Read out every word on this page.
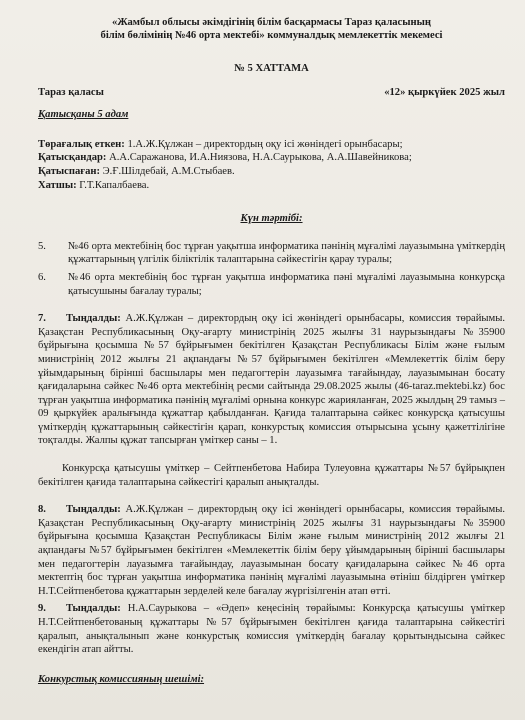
«Жамбыл облысы әкімдігінің білім басқармасы Тараз қаласының
білім бөлімінің №46 орта мектебі» коммуналдық мемлекеттік мекемесі
№ 5 ХАТТАМА
Тараз қаласы	«12» қыркүйек 2025 жыл
Қатысқаны 5 адам
Төрағалық еткен: 1.А.Ж.Құлжан – директордың оқу ісі жөніндегі орынбасары;
Қатысқандар: А.А.Саражанова, И.А.Ниязова, Н.А.Саурыкова, А.А.Шавейникова;
Қатыспаған: Э.Ғ.Шілдебай, А.М.Стыбаев.
Хатшы: Г.Т.Капалбаева.
Күн тәртібі:
5.	№46 орта мектебінің бос тұрған уақытша информатика пәнінің мұғалімі лауазымына үміткердің құжаттарының үлгілік біліктілік талаптарына сәйкестігін қарау туралы;
6.	№46 орта мектебінің бос тұрған уақытша информатика пәні мұғалімі лауазымына конкурсқа қатысушыны бағалау туралы;
7. Тыңдалды: А.Ж.Құлжан – директордың оқу ісі жөніндегі орынбасары, комиссия төрайымы. Қазақстан Республикасының Оқу-ағарту министрінің 2025 жылғы 31 наурызындағы №35900 бұйрығына қосымша №57 бұйрығымен бекітілген Қазақстан Республикасы Білім және ғылым министрінің 2012 жылғы 21 ақпандағы №57 бұйрығымен бекітілген «Мемлекеттік білім беру ұйымдарының бірінші басшылары мен педагогтерін лауазымға тағайындау, лауазымынан босату қағидаларына сәйкес №46 орта мектебінің ресми сайтында 29.08.2025 жылы (46-taraz.mektebi.kz) бос тұрған уақытша информатика пәнінің мұғалімі орнына конкурс жарияланған, 2025 жылдың 29 тамыз – 09 қыркүйек аралығында құжаттар қабылданған. Қағида талаптарына сәйкес конкурсқа қатысушы үміткердің құжаттарының сәйкестігін қарап, конкурстық комиссия отырысына ұсыну қажеттілігіне тоқталды. Жалпы құжат тапсырған үміткер саны – 1.
Конкурсқа қатысушы үміткер – Сейтпенбетова Набира Тулеуовна құжаттары №57 бұйрықпен бекітілген қағида талаптарына сәйкестігі қаралып анықталды.
8. Тыңдалды: А.Ж.Құлжан – директордың оқу ісі жөніндегі орынбасары, комиссия төрайымы. Қазақстан Республикасының Оқу-ағарту министрінің 2025 жылғы 31 наурызындағы №35900 бұйрығына қосымша Қазақстан Республикасы Білім және ғылым министрінің 2012 жылғы 21 ақпандағы №57 бұйрығымен бекітілген «Мемлекеттік білім беру ұйымдарының бірінші басшылары мен педагогтерін лауазымға тағайындау, лауазымынан босату қағидаларына сәйкес №46 орта мектептің бос тұрған уақытша информатика пәнінің мұғалімі лауазымына өтініш білдірген үміткер Н.Т.Сейтпенбетова құжаттарын зерделей келе бағалау жүргізілгенін атап өтті.
9. Тыңдалды: Н.А.Саурыкова – «Әдеп» кеңесінің төрайымы: Конкурсқа қатысушы үміткер Н.Т.Сейтпенбетованың құжаттары №57 бұйрығымен бекітілген қағида талаптарына сәйкестігі қаралып, анықталынып және конкурстық комиссия үміткердің бағалау қорытындысына сәйкес екендігін атап айтты.
Конкурстық комиссияның шешімі:
